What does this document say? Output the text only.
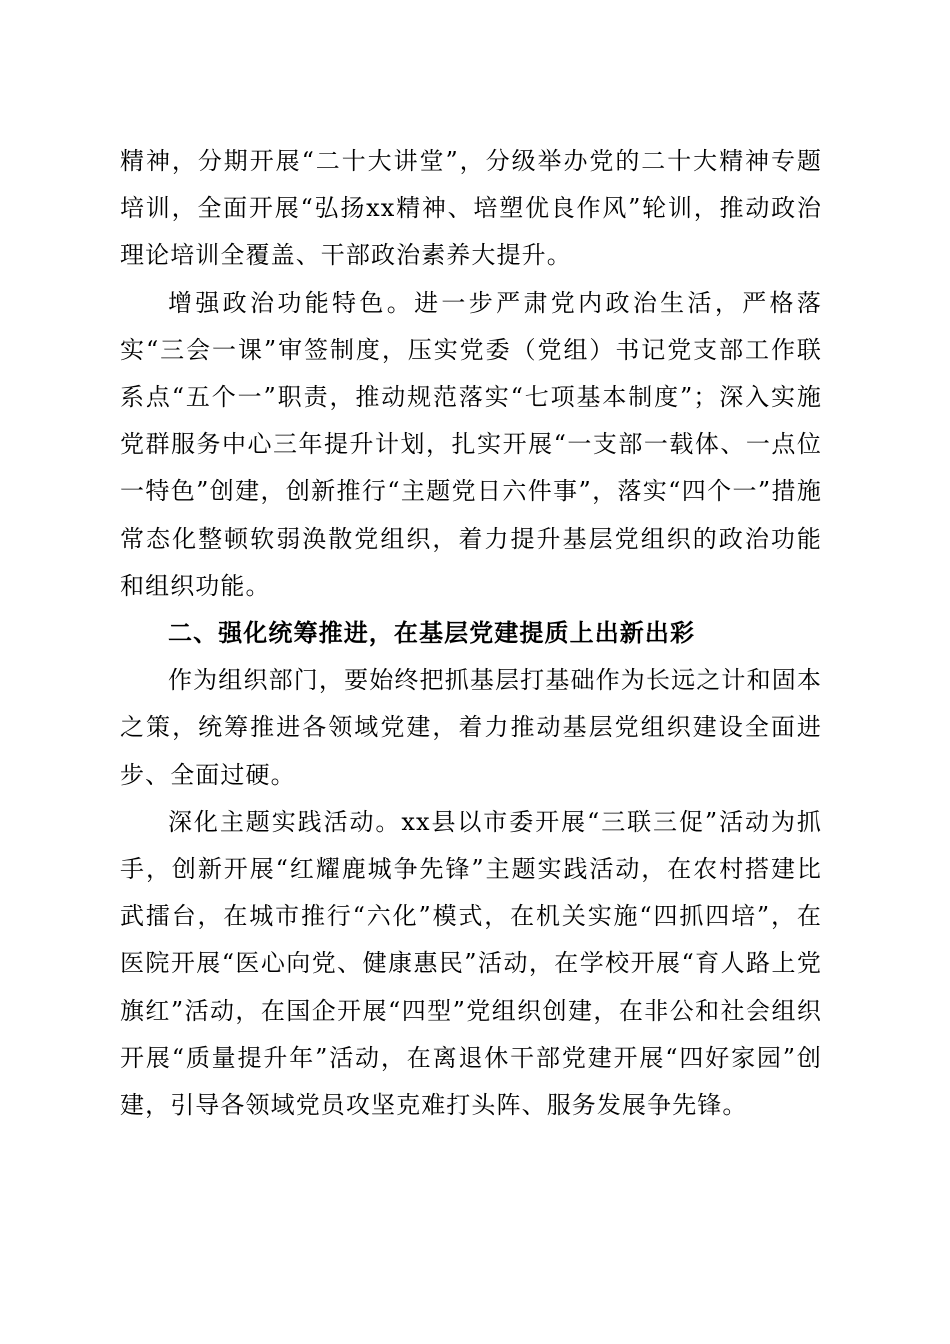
精神，分期开展“二十大讲堂”，分级举办党的二十大精神专题培训，全面开展“弘扬xx精神、培塑优良作风”轮训，推动政治理论培训全覆盖、干部政治素养大提升。

增强政治功能特色。进一步严肃党内政治生活，严格落实“三会一课”审签制度，压实党委（党组）书记党支部工作联系点“五个一”职责，推动规范落实“七项基本制度”；深入实施党群服务中心三年提升计划，扎实开展“一支部一载体、一点位一特色”创建，创新推行“主题党日六件事”，落实“四个一”措施常态化整顿软弱涣散党组织，着力提升基层党组织的政治功能和组织功能。

二、强化统筹推进，在基层党建提质上出新出彩

作为组织部门，要始终把抓基层打基础作为长远之计和固本之策，统筹推进各领域党建，着力推动基层党组织建设全面进步、全面过硬。

深化主题实践活动。xx县以市委开展“三联三促”活动为抓手，创新开展“红耀鹿城争先锋”主题实践活动，在农村搭建比武擂台，在城市推行“六化”模式，在机关实施“四抓四培”，在医院开展“医心向党、健康惠民”活动，在学校开展“育人路上党旗红”活动，在国企开展“四型”党组织创建，在非公和社会组织开展“质量提升年”活动，在离退休干部党建开展“四好家园”创建，引导各领域党员攻坚克难打头阵、服务发展争先锋。
